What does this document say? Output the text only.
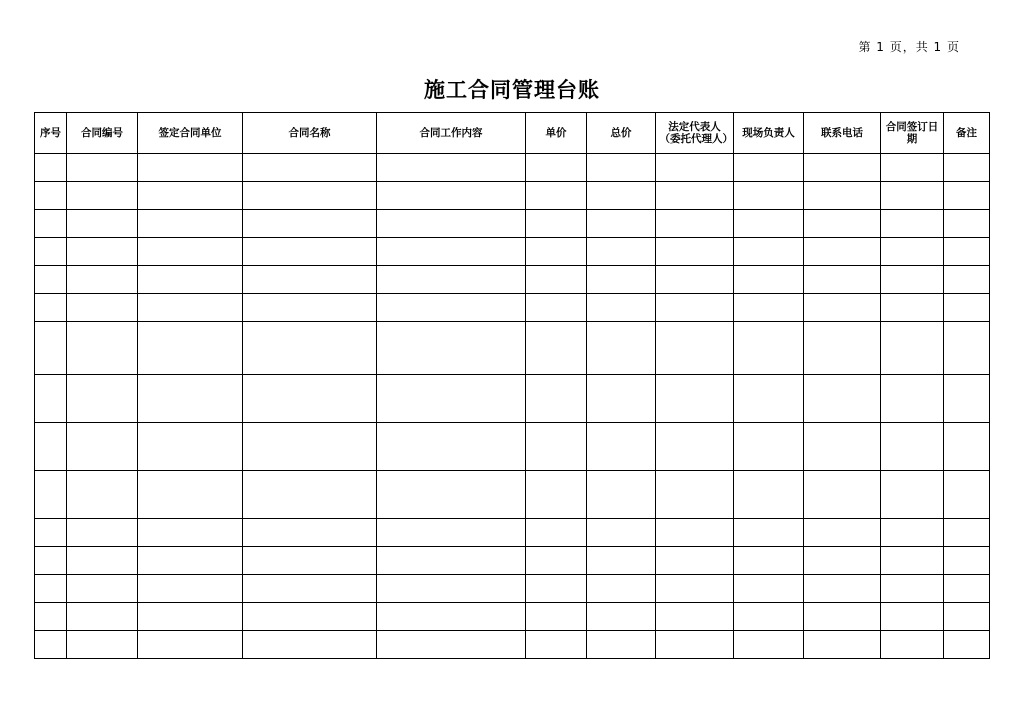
第 1 页，共 1 页
施工合同管理台账
序号	合同编号	签定合同单位	合同名称	合同工作内容	单价	总价	法定代表人（委托代理人）	现场负责人	联系电话	合同签订日期	备注
